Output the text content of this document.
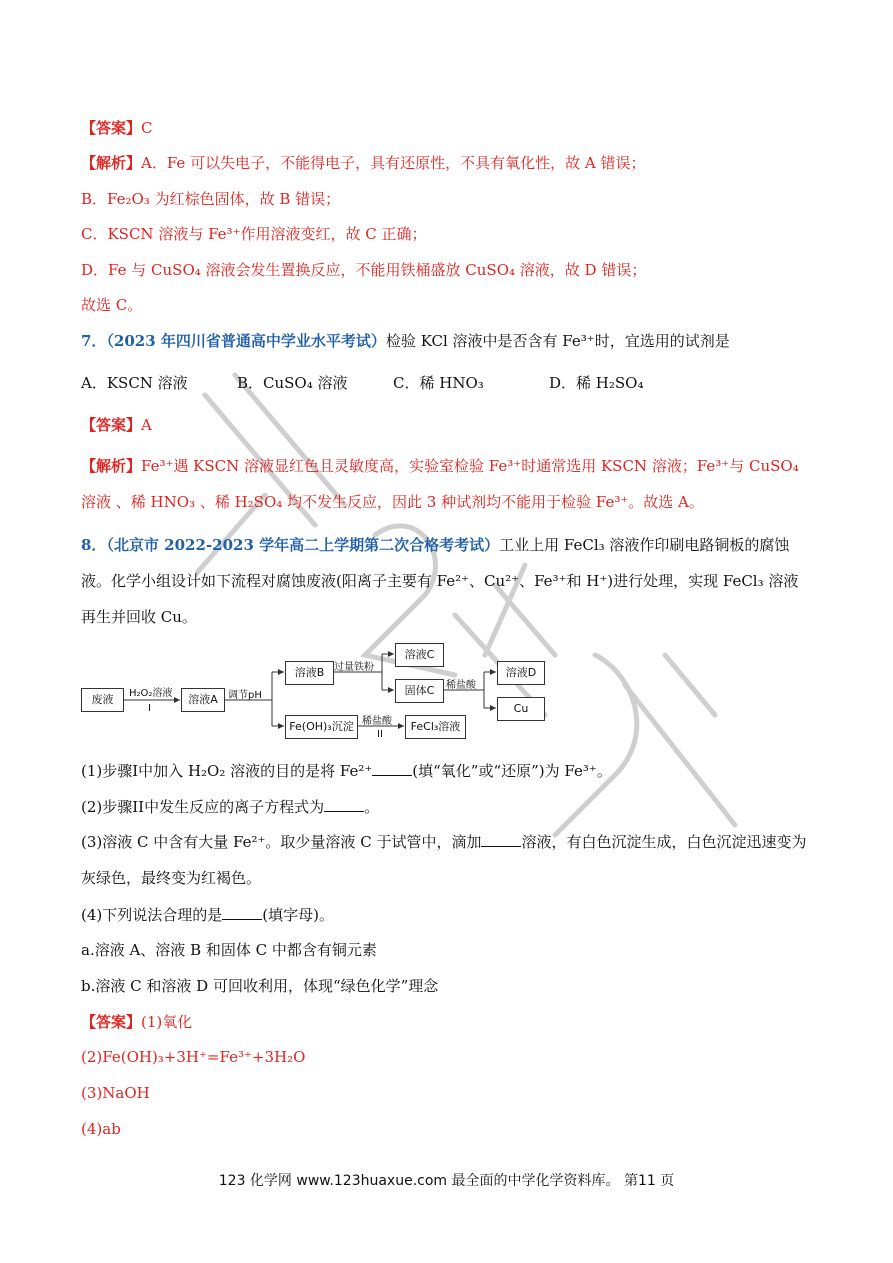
【答案】C
【解析】A．Fe 可以失电子，不能得电子，具有还原性，不具有氧化性，故 A 错误；
B．Fe₂O₃ 为红棕色固体，故 B 错误；
C．KSCN 溶液与 Fe³⁺作用溶液变红，故 C 正确；
D．Fe 与 CuSO₄ 溶液会发生置换反应，不能用铁桶盛放 CuSO₄ 溶液，故 D 错误；
故选 C。
7．（2023 年四川省普通高中学业水平考试）检验 KCl 溶液中是否含有 Fe³⁺时，宜选用的试剂是
A．KSCN 溶液	B．CuSO₄ 溶液	C．稀 HNO₃	D．稀 H₂SO₄
【答案】A
【解析】Fe³⁺遇 KSCN 溶液显红色且灵敏度高，实验室检验 Fe³⁺时通常选用 KSCN 溶液；Fe³⁺与 CuSO₄ 溶液 、稀 HNO₃ 、稀 H₂SO₄ 均不发生反应，因此 3 种试剂均不能用于检验 Fe³⁺。故选 A。
8．（北京市 2022-2023 学年高二上学期第二次合格考考试）工业上用 FeCl₃ 溶液作印刷电路铜板的腐蚀液。化学小组设计如下流程对腐蚀废液(阳离子主要有 Fe²⁺、Cu²⁺、Fe³⁺和 H⁺)进行处理，实现 FeCl₃ 溶液再生并回收 Cu。
废液	H₂O₂溶液
I
溶液A	调节pH
溶液B 过量铁粉
溶液C
固体C	稀盐酸
溶液D
Cu
Fe(OH)₃沉淀 稀盐酸
II
FeCl₃溶液
(1)步骤I中加入 H₂O₂ 溶液的目的是将 Fe²⁺	(填“氧化”或“还原”)为 Fe³⁺。
(2)步骤II中发生反应的离子方程式为	。
(3)溶液 C 中含有大量 Fe²⁺。取少量溶液 C 于试管中，滴加	溶液，有白色沉淀生成，白色沉淀迅速变为灰绿色，最终变为红褐色。
(4)下列说法合理的是	(填字母)。
a.溶液 A、溶液 B 和固体 C 中都含有铜元素
b.溶液 C 和溶液 D 可回收利用，体现“绿色化学”理念
【答案】(1)氧化
(2)Fe(OH)₃+3H⁺=Fe³⁺+3H₂O
(3)NaOH
(4)ab
123 化学网 www.123huaxue.com 最全面的中学化学资料库。 第11 页
